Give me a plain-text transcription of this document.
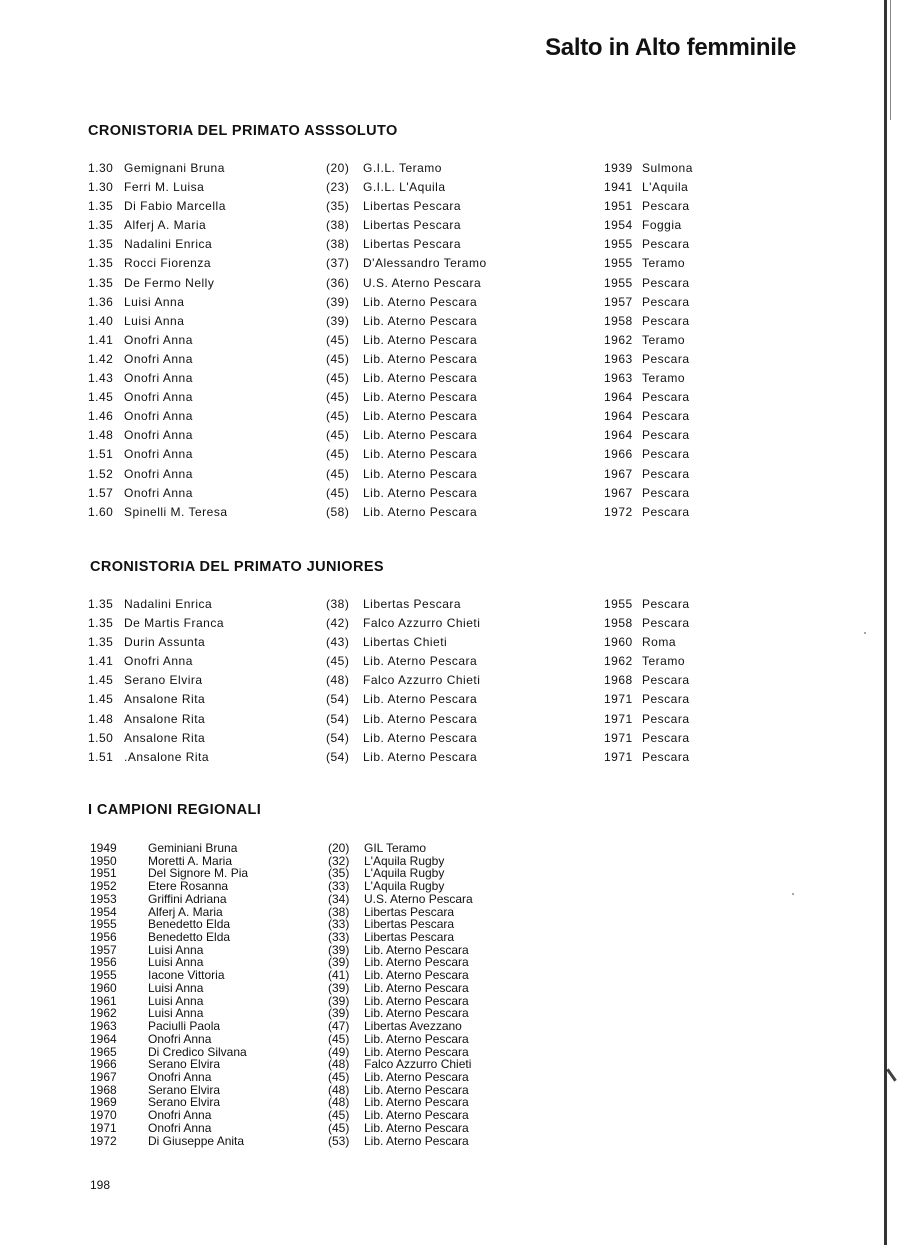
Salto in Alto femminile
CRONISTORIA DEL PRIMATO ASSSOLUTO
1.30 Gemignani Bruna	(20) G.I.L. Teramo	1939 Sulmona
1.30 Ferri M. Luisa	(23) G.I.L. L'Aquila	1941 L'Aquila
1.35 Di Fabio Marcella	(35) Libertas Pescara	1951 Pescara
1.35 Alferj A. Maria	(38) Libertas Pescara	1954 Foggia
1.35 Nadalini Enrica	(38) Libertas Pescara	1955 Pescara
1.35 Rocci Fiorenza	(37) D'Alessandro Teramo	1955 Teramo
1.35 De Fermo Nelly	(36) U.S. Aterno Pescara	1955 Pescara
1.36 Luisi Anna	(39) Lib. Aterno Pescara	1957 Pescara
1.40 Luisi Anna	(39) Lib. Aterno Pescara	1958 Pescara
1.41 Onofri Anna	(45) Lib. Aterno Pescara	1962 Teramo
1.42 Onofri Anna	(45) Lib. Aterno Pescara	1963 Pescara
1.43 Onofri Anna	(45) Lib. Aterno Pescara	1963 Teramo
1.45 Onofri Anna	(45) Lib. Aterno Pescara	1964 Pescara
1.46 Onofri Anna	(45) Lib. Aterno Pescara	1964 Pescara
1.48 Onofri Anna	(45) Lib. Aterno Pescara	1964 Pescara
1.51 Onofri Anna	(45) Lib. Aterno Pescara	1966 Pescara
1.52 Onofri Anna	(45) Lib. Aterno Pescara	1967 Pescara
1.57 Onofri Anna	(45) Lib. Aterno Pescara	1967 Pescara
1.60 Spinelli M. Teresa	(58) Lib. Aterno Pescara	1972 Pescara
CRONISTORIA DEL PRIMATO JUNIORES
1.35 Nadalini Enrica	(38) Libertas Pescara	1955 Pescara
1.35 De Martis Franca	(42) Falco Azzurro Chieti	1958 Pescara
1.35 Durin Assunta	(43) Libertas Chieti	1960 Roma
1.41 Onofri Anna	(45) Lib. Aterno Pescara	1962 Teramo
1.45 Serano Elvira	(48) Falco Azzurro Chieti	1968 Pescara
1.45 Ansalone Rita	(54) Lib. Aterno Pescara	1971 Pescara
1.48 Ansalone Rita	(54) Lib. Aterno Pescara	1971 Pescara
1.50 Ansalone Rita	(54) Lib. Aterno Pescara	1971 Pescara
1.51 .Ansalone Rita	(54) Lib. Aterno Pescara	1971 Pescara
I CAMPIONI REGIONALI
1949	Geminiani Bruna	(20) GIL Teramo
1950	Moretti A. Maria	(32) L'Aquila Rugby
1951	Del Signore M. Pia	(35) L'Aquila Rugby
1952	Etere Rosanna	(33) L'Aquila Rugby
1953	Griffini Adriana	(34) U.S. Aterno Pescara
1954	Alferj A. Maria	(38) Libertas Pescara
1955	Benedetto Elda	(33) Libertas Pescara
1956	Benedetto Elda	(33) Libertas Pescara
1957	Luisi Anna	(39) Lib. Aterno Pescara
1956	Luisi Anna	(39) Lib. Aterno Pescara
1955	Iacone Vittoria	(41) Lib. Aterno Pescara
1960	Luisi Anna	(39) Lib. Aterno Pescara
1961	Luisi Anna	(39) Lib. Aterno Pescara
1962	Luisi Anna	(39) Lib. Aterno Pescara
1963	Paciulli Paola	(47) Libertas Avezzano
1964	Onofri Anna	(45) Lib. Aterno Pescara
1965	Di Credico Silvana	(49) Lib. Aterno Pescara
1966	Serano Elvira	(48) Falco Azzurro Chieti
1967	Onofri Anna	(45) Lib. Aterno Pescara
1968	Serano Elvira	(48) Lib. Aterno Pescara
1969	Serano Elvira	(48) Lib. Aterno Pescara
1970	Onofri Anna	(45) Lib. Aterno Pescara
1971	Onofri Anna	(45) Lib. Aterno Pescara
1972	Di Giuseppe Anita	(53) Lib. Aterno Pescara
198
